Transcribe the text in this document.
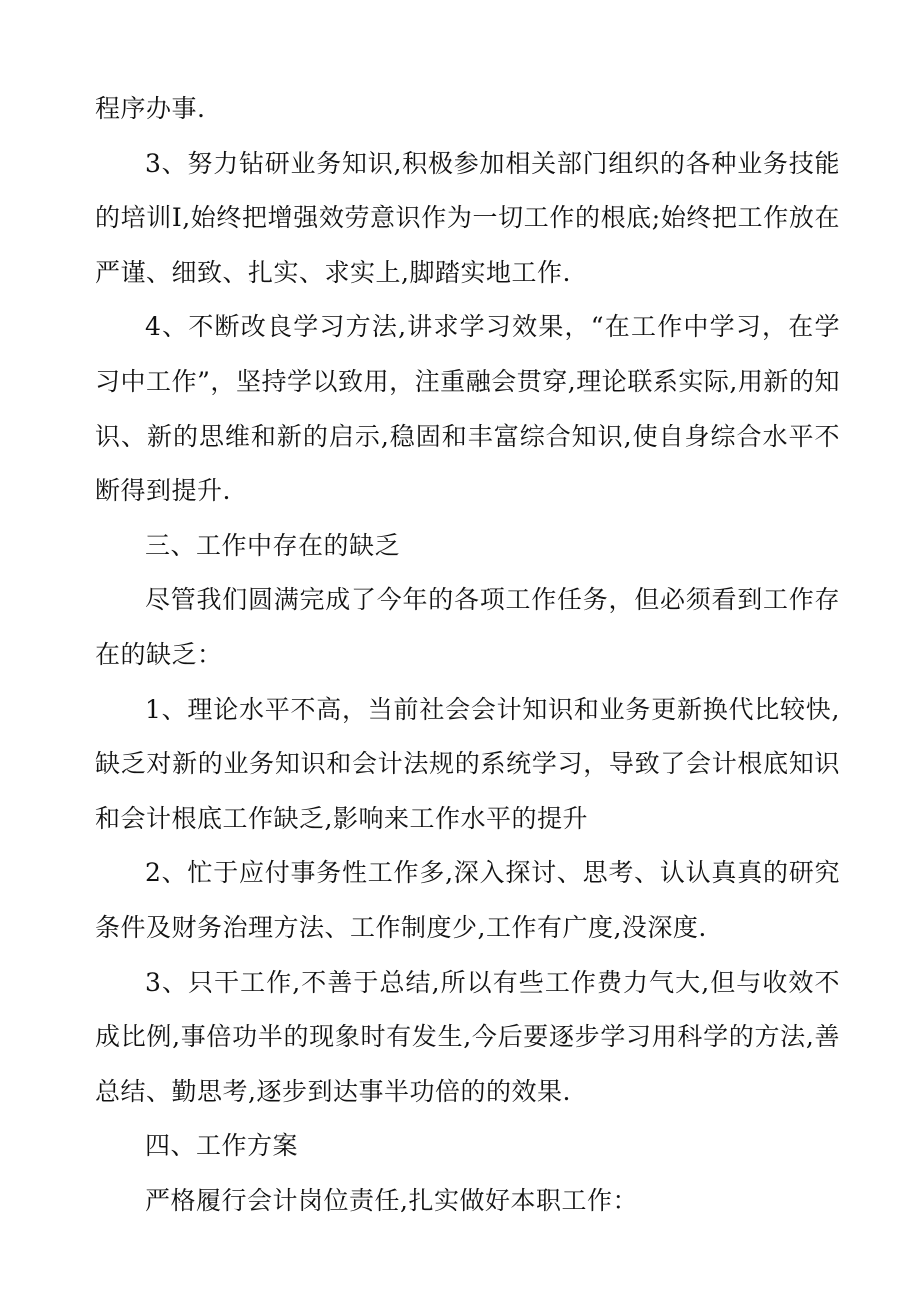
程序办事.

3、努力钻研业务知识,积极参加相关部门组织的各种业务技能的培训I,始终把增强效劳意识作为一切工作的根底;始终把工作放在严谨、细致、扎实、求实上,脚踏实地工作.

4、不断改良学习方法,讲求学习效果，“在工作中学习，在学习中工作”，坚持学以致用，注重融会贯穿,理论联系实际,用新的知识、新的思维和新的启示,稳固和丰富综合知识,使自身综合水平不断得到提升.

三、工作中存在的缺乏

尽管我们圆满完成了今年的各项工作任务，但必须看到工作存在的缺乏：

1、理论水平不高，当前社会会计知识和业务更新换代比较快,缺乏对新的业务知识和会计法规的系统学习，导致了会计根底知识和会计根底工作缺乏,影响来工作水平的提升

2、忙于应付事务性工作多,深入探讨、思考、认认真真的研究条件及财务治理方法、工作制度少,工作有广度,没深度.

3、只干工作,不善于总结,所以有些工作费力气大,但与收效不成比例,事倍功半的现象时有发生,今后要逐步学习用科学的方法,善总结、勤思考,逐步到达事半功倍的的效果.

四、工作方案

严格履行会计岗位责任,扎实做好本职工作：
